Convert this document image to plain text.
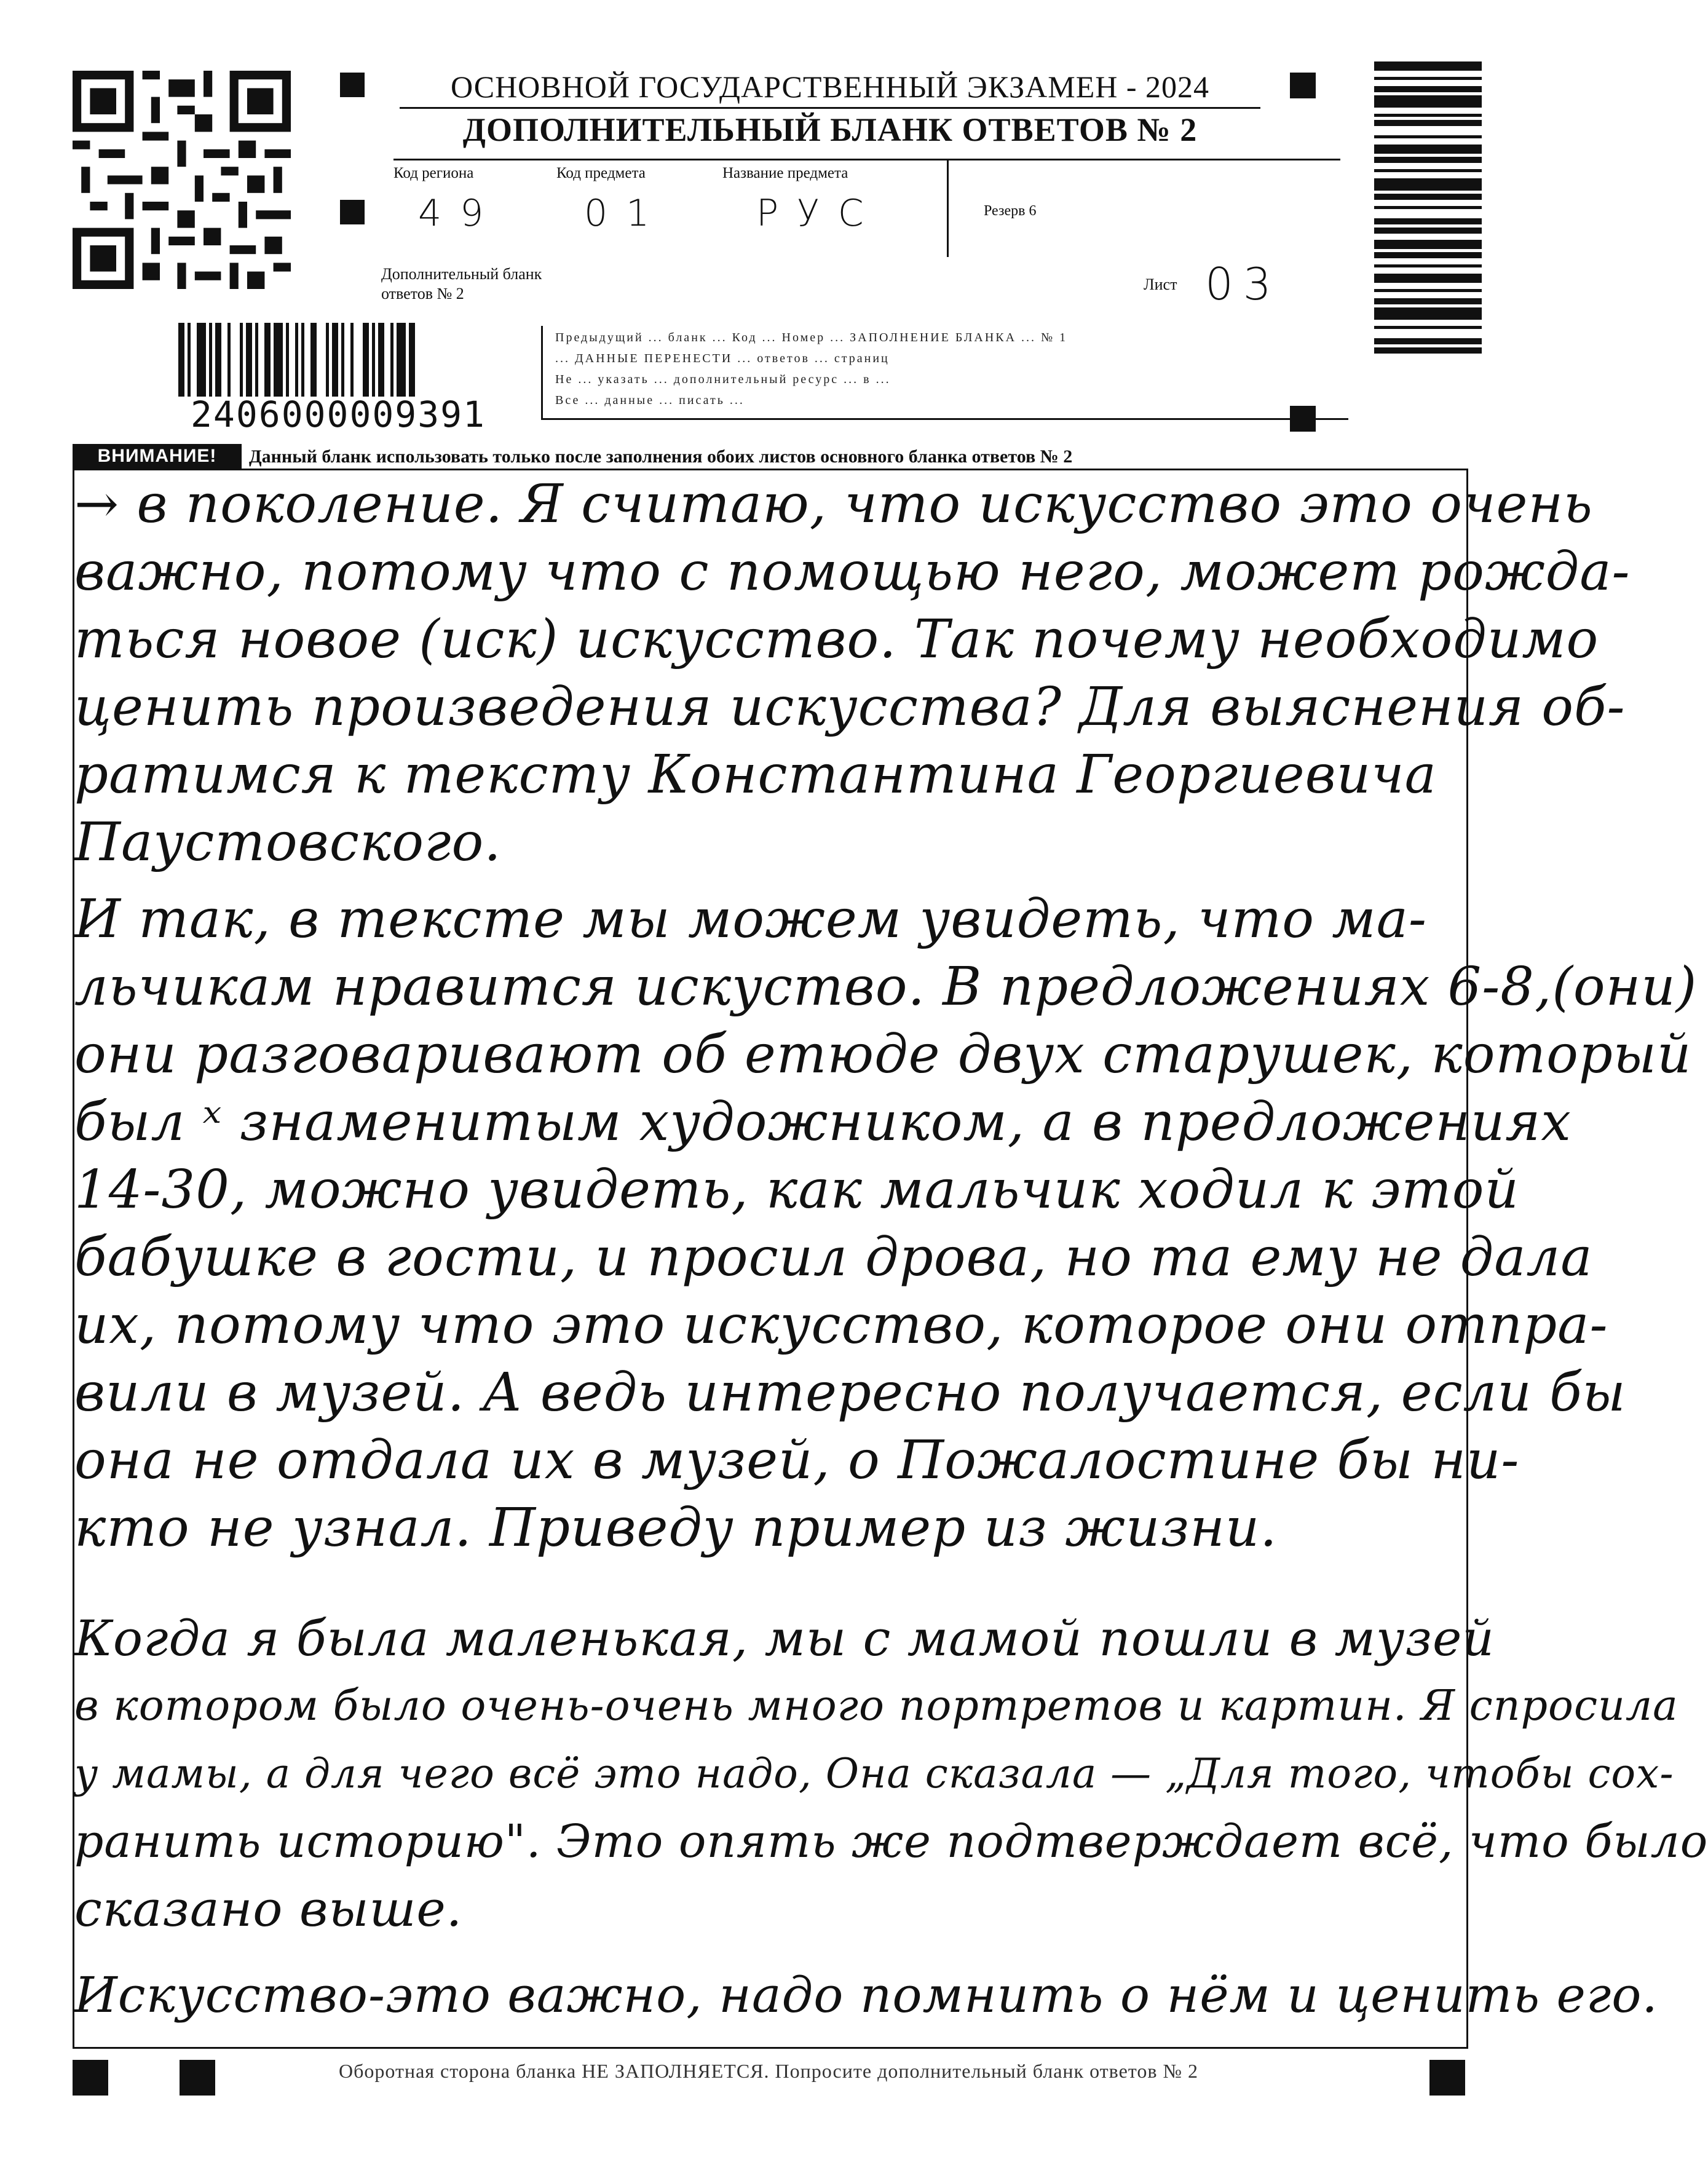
ОСНОВНОЙ ГОСУДАРСТВЕННЫЙ ЭКЗАМЕН - 2024
ДОПОЛНИТЕЛЬНЫЙ БЛАНК ОТВЕТОВ № 2
Код региона
49
Код предмета
01
Название предмета
РУС	Резерв 6
Дополнительный бланк ответов № 2
Лист 03
2406000009391
Предыдущий ... бланк ... Код ... Номер ... ЗАПОЛНЕНИЕ БЛАНКА ... № 1
... ДАННЫЕ ПЕРЕНЕСТИ ... ответов ... страниц
Не ... указать ... дополнительный ресурс ... в ...
Все ... данные ... писать ...
ВНИМАНИЕ!	Данный бланк использовать только после заполнения обоих листов основного бланка ответов № 2
→ в поколение. Я считаю, что искусство это очень
важно, потому что с помощью него, может рожда-
ться новое (иск) искусство. Так почему необходимо
ценить произведения искусства? Для выяснения об-
ратимся к тексту Константина Георгиевича
Паустовского.
И так, в тексте мы можем увидеть, что ма-
льчикам нравится искуство. В предложениях 6-8,(они)
они разговаривают об етюде двух старушек, который
был ˣ знаменитым художником, а в предложениях
14-30, можно увидеть, как мальчик ходил к этой
бабушке в гости, и просил дрова, но та ему не дала
их, потому что это искусство, которое они отпра-
вили в музей. А ведь интересно получается, если бы
она не отдала их в музей, о Пожалостине бы ни-
кто не узнал. Приведу пример из жизни.
Когда я была маленькая, мы с мамой пошли в музей
в котором было очень-очень много портретов и картин. Я спросила
у мамы, а для чего всё это надо, Она сказала — „Для того, чтобы сох-
ранить историю". Это опять же подтверждает всё, что было
сказано выше.
Искусство-это важно, надо помнить о нём и ценить его.
Оборотная сторона бланка НЕ ЗАПОЛНЯЕТСЯ. Попросите дополнительный бланк ответов № 2
